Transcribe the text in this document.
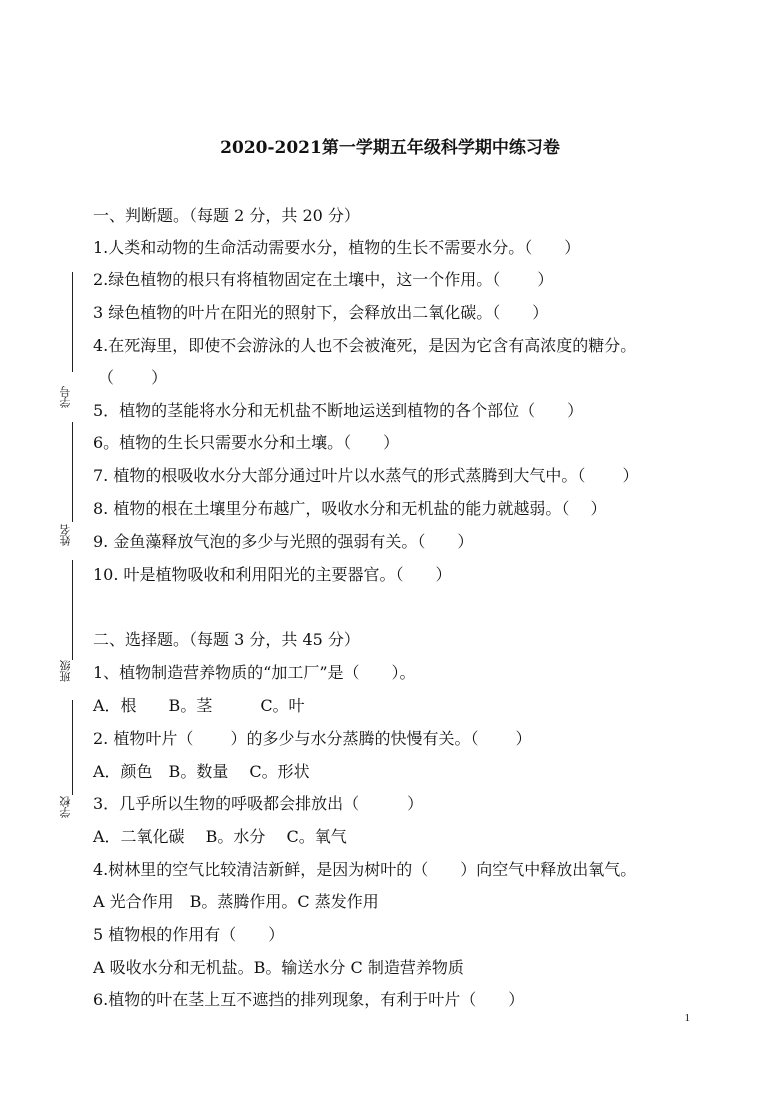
2020-2021第一学期五年级科学期中练习卷
学号
姓名
班级
学校
一、判断题。（每题 2 分，共 20 分）
1.人类和动物的生命活动需要水分，植物的生长不需要水分。（　　）
2.绿色植物的根只有将植物固定在土壤中，这一个作用。（　　 ）
3 绿色植物的叶片在阳光的照射下，会释放出二氧化碳。（　　）
4.在死海里，即使不会游泳的人也不会被淹死，是因为它含有高浓度的糖分。
（　　 ）
5．植物的茎能将水分和无机盐不断地运送到植物的各个部位（　　）
6。植物的生长只需要水分和土壤。（　　）
7. 植物的根吸收水分大部分通过叶片以水蒸气的形式蒸腾到大气中。（　　 ）
8. 植物的根在土壤里分布越广，吸收水分和无机盐的能力就越弱。（　 ）
9. 金鱼藻释放气泡的多少与光照的强弱有关。（　　）
10. 叶是植物吸收和利用阳光的主要器官。（　　）
二、选择题。（每题 3 分，共 45 分）
1、植物制造营养物质的“加工厂”是（　　）。
A．根　　B。茎　　　C。叶
2. 植物叶片（　　 ）的多少与水分蒸腾的快慢有关。（　　 ）
A．颜色　B。数量　 C。形状
3．几乎所以生物的呼吸都会排放出（　　　）
A．二氧化碳　 B。水分　 C。氧气
4.树林里的空气比较清洁新鲜，是因为树叶的（　　）向空气中释放出氧气。
A 光合作用　B。蒸腾作用。C 蒸发作用
5 植物根的作用有（　　）
A 吸收水分和无机盐。B。输送水分 C 制造营养物质
6.植物的叶在茎上互不遮挡的排列现象，有利于叶片（　　）
1
